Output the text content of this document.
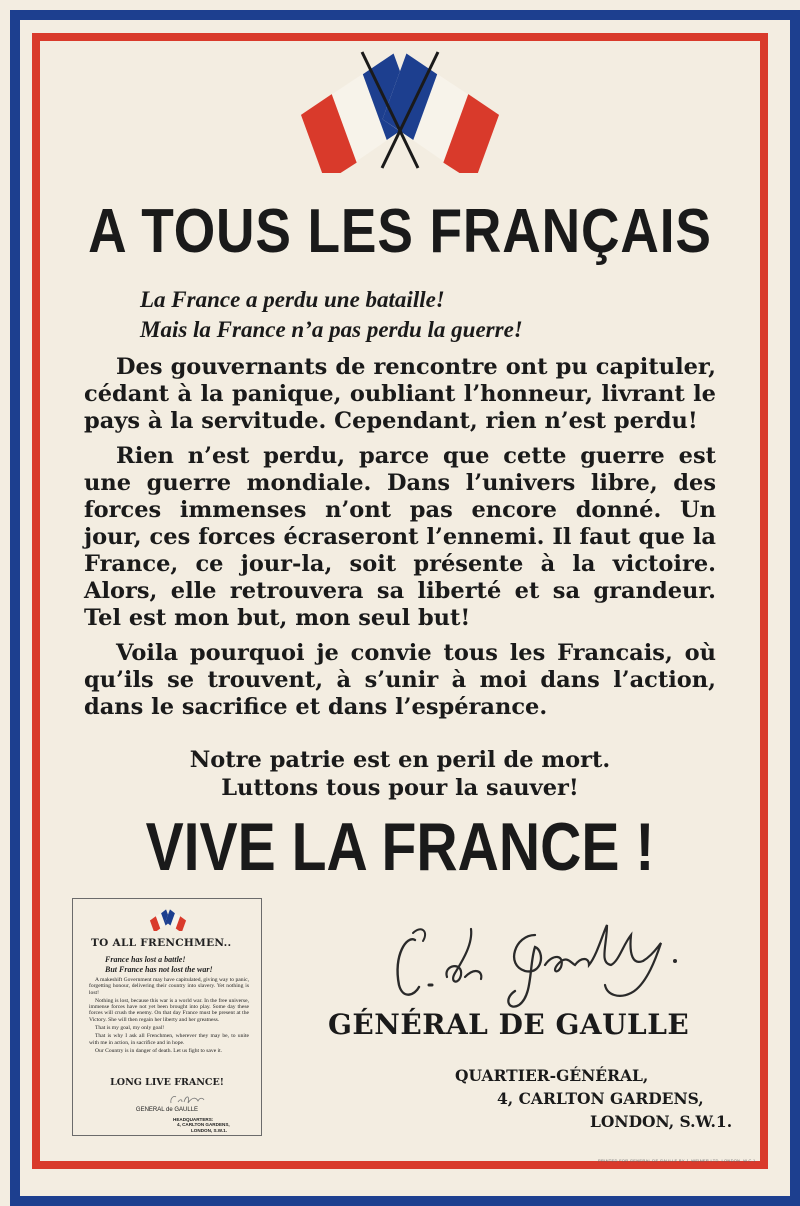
A TOUS LES FRANÇAIS
La France a perdu une bataille!
Mais la France n’a pas perdu la guerre!

Des gouvernants de rencontre ont pu capituler, cédant à la panique, oubliant l’honneur, livrant le pays à la servitude. Cependant, rien n’est perdu!

Rien n’est perdu, parce que cette guerre est une guerre mondiale. Dans l’univers libre, des forces immenses n’ont pas encore donné. Un jour, ces forces écraseront l’ennemi. Il faut que la France, ce jour-la, soit présente à la victoire. Alors, elle retrouvera sa liberté et sa grandeur. Tel est mon but, mon seul but!

Voila pourquoi je convie tous les Francais, où qu’ils se trouvent, à s’unir à moi dans l’action, dans le sacrifice et dans l’espérance.

Notre patrie est en peril de mort.
Luttons tous pour la sauver!
VIVE LA FRANCE !
TO ALL FRENCHMEN..
France has lost a battle!
But France has not lost the war!

A makeshift Government may have capitulated, giving way to panic, forgetting honour, delivering their country into slavery. Yet nothing is lost!

Nothing is lost, because this war is a world war. In the free universe, immense forces have not yet been brought into play. Some day these forces will crush the enemy. On that day France must be present at the Victory. She will then regain her liberty and her greatness.

That is my goal, my only goal!

That is why I ask all Frenchmen, wherever they may be, to unite with me in action, in sacrifice and in hope.

Our Country is in danger of death. Let us fight to save it.

LONG LIVE FRANCE!
GENERAL de GAULLE
HEADQUARTERS:
4, CARLTON GARDENS,
LONDON, S.W.1.
GÉNÉRAL DE GAULLE
QUARTIER-GÉNÉRAL,
4, CARLTON GARDENS,
LONDON, S.W.1.
PRINTED FOR GENERAL DE GAULLE BY J. WEINER LTD. LONDON, W.C.1
